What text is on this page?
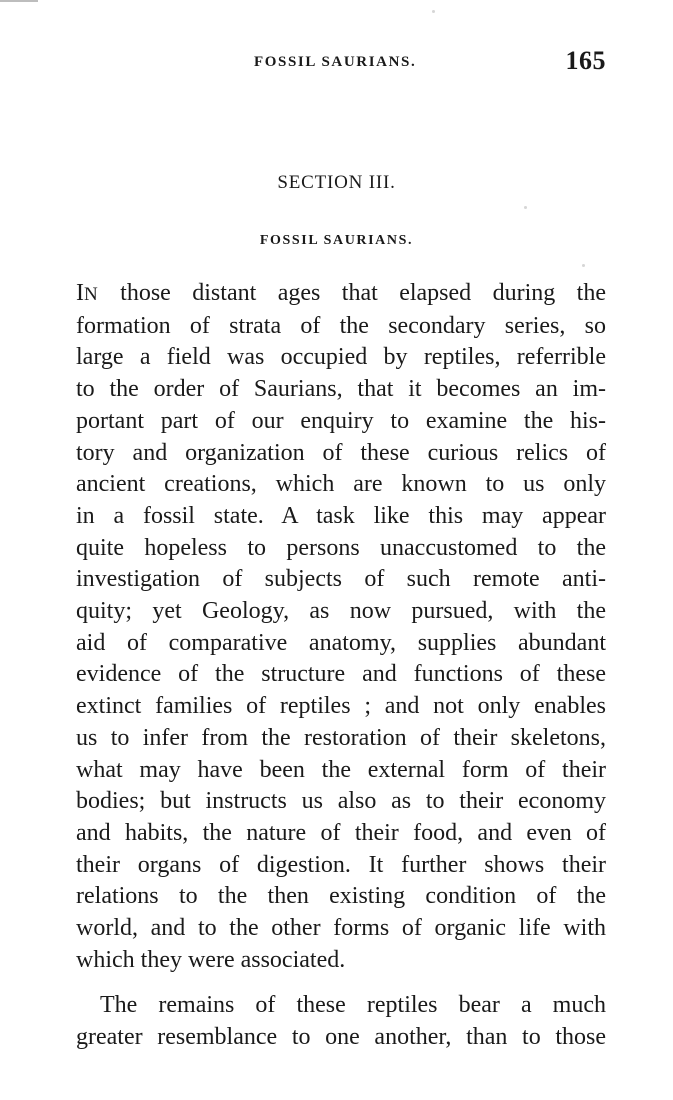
FOSSIL SAURIANS.	165
SECTION III.
FOSSIL SAURIANS.

IN those distant ages that elapsed during the

formation of strata of the secondary series, so

large a field was occupied by reptiles, referrible

to the order of Saurians, that it becomes an im-

portant part of our enquiry to examine the his-

tory and organization of these curious relics of

ancient creations, which are known to us only

in a fossil state. A task like this may appear

quite hopeless to persons unaccustomed to the

investigation of subjects of such remote anti-

quity; yet Geology, as now pursued, with the

aid of comparative anatomy, supplies abundant

evidence of the structure and functions of these

extinct families of reptiles ; and not only enables

us to infer from the restoration of their skeletons,

what may have been the external form of their

bodies; but instructs us also as to their economy

and habits, the nature of their food, and even of

their organs of digestion. It further shows their

relations to the then existing condition of the

world, and to the other forms of organic life with

which they were associated.

The remains of these reptiles bear a much

greater resemblance to one another, than to those
